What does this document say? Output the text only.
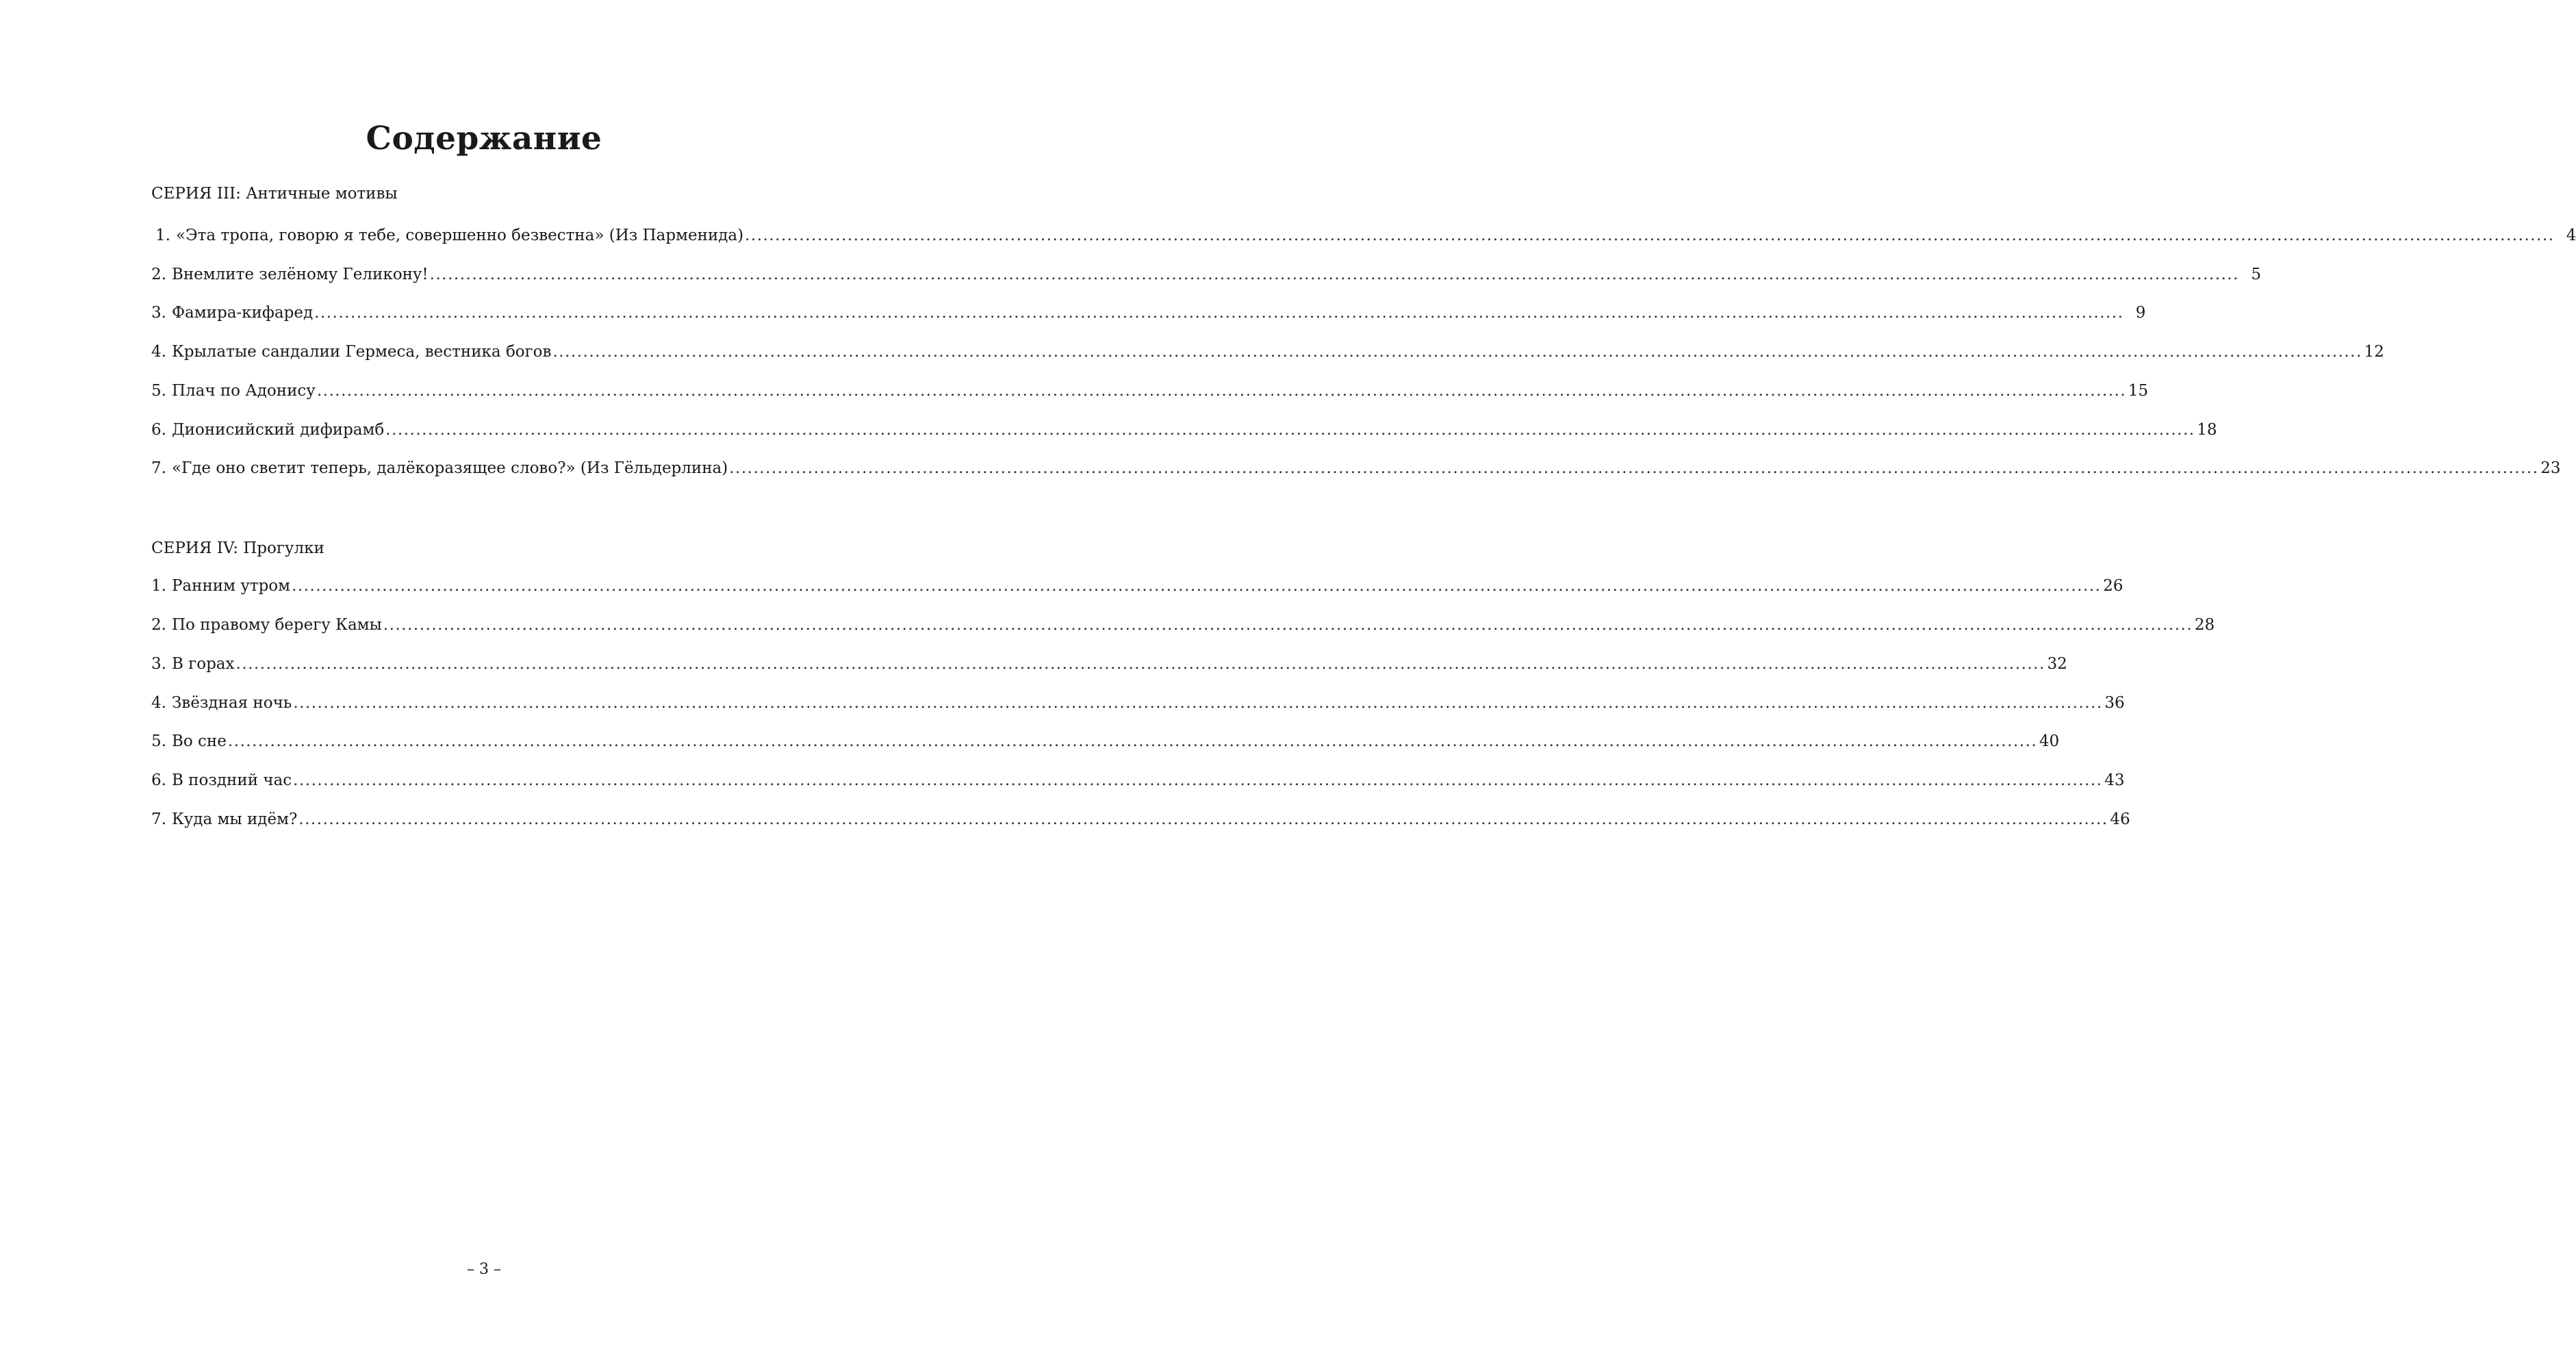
Содержание
СЕРИЯ III: Античные мотивы
1. «Эта тропа, говорю я тебе, совершенно безвестна» (Из Парменида) ............................................................................................................................................................................................................................................................................................................ 4
2. Внемлите зелёному Геликону! ............................................................................................................................................................................................................................................................................................................ 5
3. Фамира-кифаред ............................................................................................................................................................................................................................................................................................................ 9
4. Крылатые сандалии Гермеса, вестника богов ............................................................................................................................................................................................................................................................................................................ 12
5. Плач по Адонису ............................................................................................................................................................................................................................................................................................................ 15
6. Дионисийский дифирамб ............................................................................................................................................................................................................................................................................................................ 18
7. «Где оно светит теперь, далёкоразящее слово?» (Из Гёльдерлина) ............................................................................................................................................................................................................................................................................................................ 23
СЕРИЯ IV: Прогулки
1. Ранним утром ............................................................................................................................................................................................................................................................................................................ 26
2. По правому берегу Камы ............................................................................................................................................................................................................................................................................................................ 28
3. В горах ............................................................................................................................................................................................................................................................................................................ 32
4. Звёздная ночь ............................................................................................................................................................................................................................................................................................................ 36
5. Во сне ............................................................................................................................................................................................................................................................................................................ 40
6. В поздний час ............................................................................................................................................................................................................................................................................................................ 43
7. Куда мы идём? ............................................................................................................................................................................................................................................................................................................ 46
– 3 –
